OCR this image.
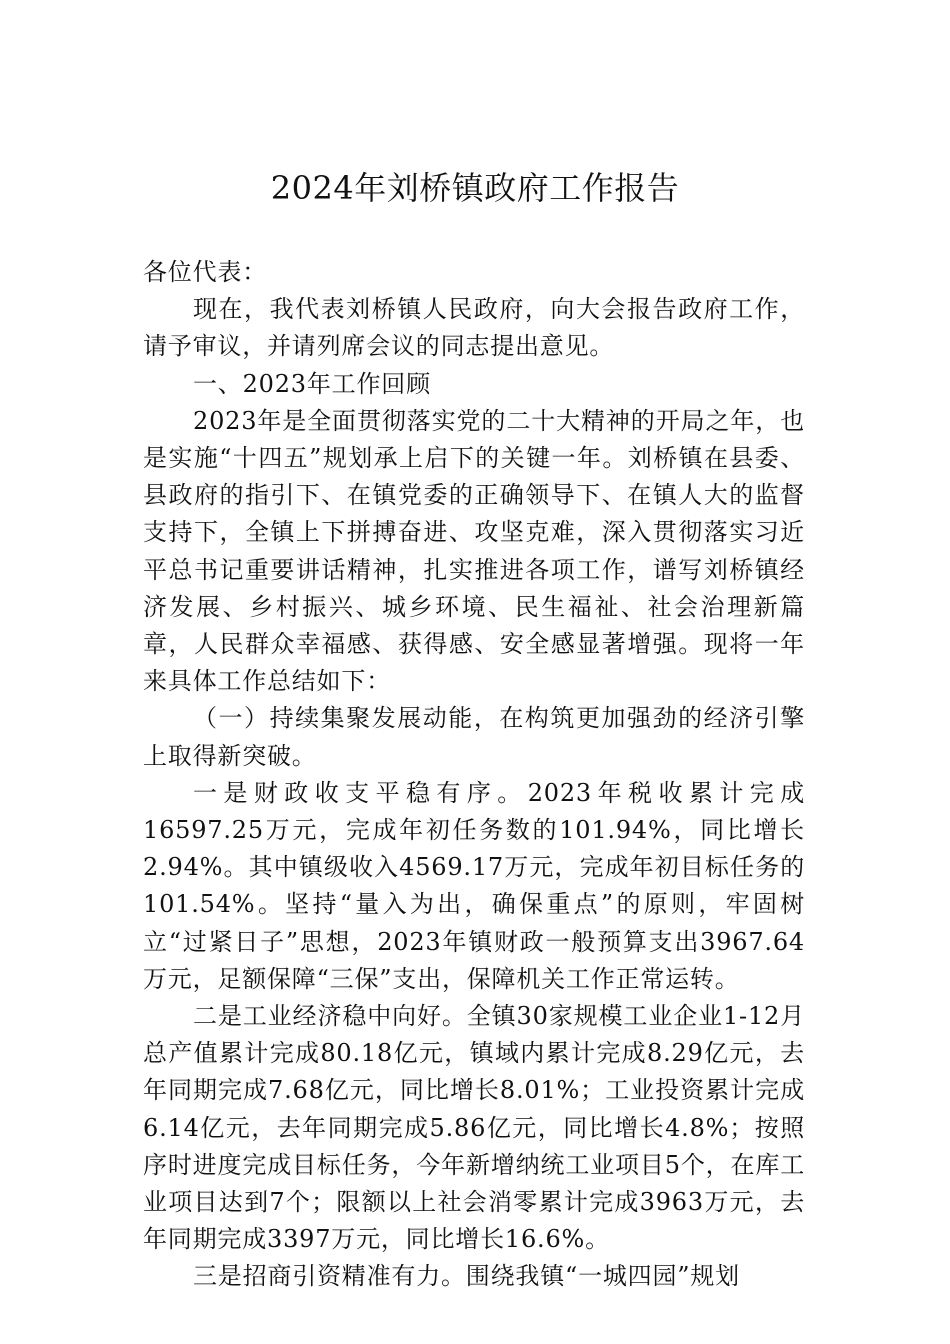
2024年刘桥镇政府工作报告

各位代表：

现在，我代表刘桥镇人民政府，向大会报告政府工作，请予审议，并请列席会议的同志提出意见。

一、2023年工作回顾

2023年是全面贯彻落实党的二十大精神的开局之年，也是实施“十四五”规划承上启下的关键一年。刘桥镇在县委、县政府的指引下、在镇党委的正确领导下、在镇人大的监督支持下，全镇上下拼搏奋进、攻坚克难，深入贯彻落实习近平总书记重要讲话精神，扎实推进各项工作，谱写刘桥镇经济发展、乡村振兴、城乡环境、民生福祉、社会治理新篇章，人民群众幸福感、获得感、安全感显著增强。现将一年来具体工作总结如下：

（一）持续集聚发展动能，在构筑更加强劲的经济引擎上取得新突破。

一是财政收支平稳有序。2023年税收累计完成16597.25万元，完成年初任务数的101.94%，同比增长2.94%。其中镇级收入4569.17万元，完成年初目标任务的101.54%。坚持“量入为出，确保重点”的原则，牢固树立“过紧日子”思想，2023年镇财政一般预算支出3967.64万元，足额保障“三保”支出，保障机关工作正常运转。

二是工业经济稳中向好。全镇30家规模工业企业1-12月总产值累计完成80.18亿元，镇域内累计完成8.29亿元，去年同期完成7.68亿元，同比增长8.01%；工业投资累计完成6.14亿元，去年同期完成5.86亿元，同比增长4.8%；按照序时进度完成目标任务，今年新增纳统工业项目5个，在库工业项目达到7个；限额以上社会消零累计完成3963万元，去年同期完成3397万元，同比增长16.6%。

三是招商引资精准有力。围绕我镇“一城四园”规划
